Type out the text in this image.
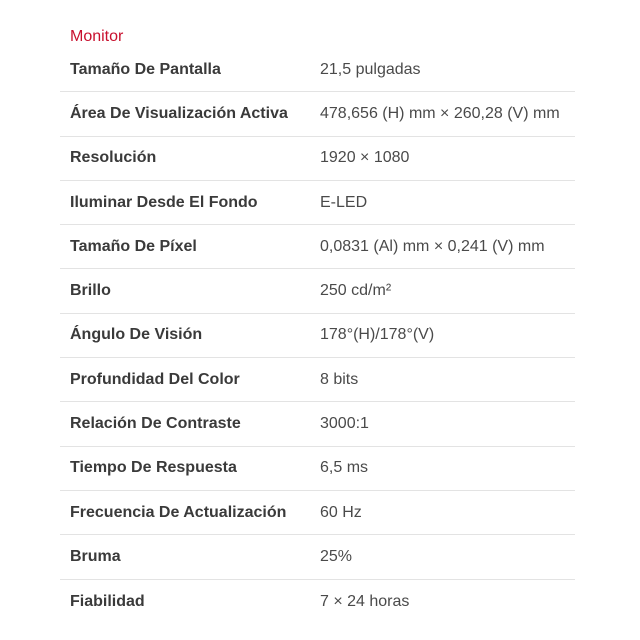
Monitor
Tamaño De Pantalla	21,5 pulgadas
Área De Visualización Activa	478,656 (H) mm × 260,28 (V) mm
Resolución	1920 × 1080
Iluminar Desde El Fondo	E-LED
Tamaño De Píxel	0,0831 (Al) mm × 0,241 (V) mm
Brillo	250 cd/m²
Ángulo De Visión	178°(H)/178°(V)
Profundidad Del Color	8 bits
Relación De Contraste	3000:1
Tiempo De Respuesta	6,5 ms
Frecuencia De Actualización	60 Hz
Bruma	25%
Fiabilidad	7 × 24 horas
